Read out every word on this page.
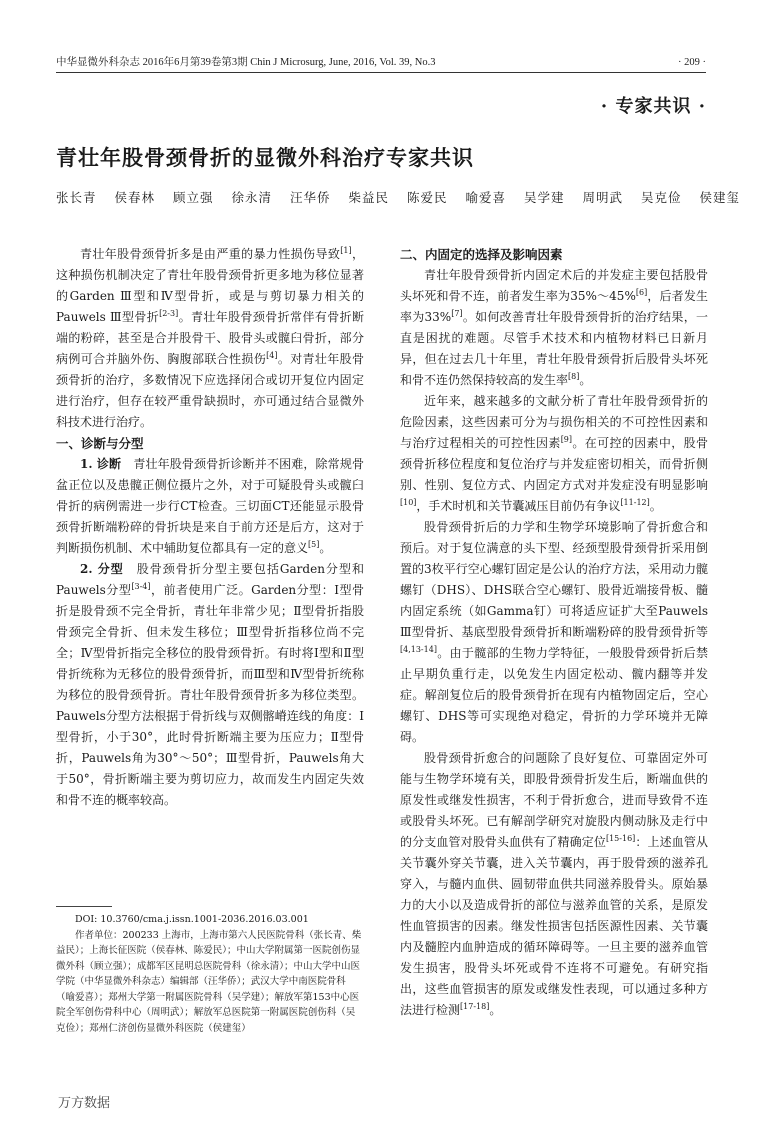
中华显微外科杂志 2016年6月第39卷第3期 Chin J Microsurg, June, 2016, Vol. 39, No.3	· 209 ·
· 专家共识 ·
青壮年股骨颈骨折的显微外科治疗专家共识
张长青 侯春林 顾立强 徐永清 汪华侨 柴益民 陈爱民 喻爱喜 吴学建 周明武 吴克俭 侯建玺

青壮年股骨颈骨折多是由严重的暴力性损伤导致[1]，这种损伤机制决定了青壮年股骨颈骨折更多地为移位显著的Garden Ⅲ型和Ⅳ型骨折，或是与剪切暴力相关的Pauwels Ⅲ型骨折[2-3]。青壮年股骨颈骨折常伴有骨折断端的粉碎，甚至是合并股骨干、股骨头或髋臼骨折，部分病例可合并脑外伤、胸腹部联合性损伤[4]。对青壮年股骨颈骨折的治疗，多数情况下应选择闭合或切开复位内固定进行治疗，但存在较严重骨缺损时，亦可通过结合显微外科技术进行治疗。

一、诊断与分型

1. 诊断　 青壮年股骨颈骨折诊断并不困难，除常规骨盆正位以及患髋正侧位摄片之外，对于可疑股骨头或髋臼骨折的病例需进一步行CT检查。三切面CT还能显示股骨颈骨折断端粉碎的骨折块是来自于前方还是后方，这对于判断损伤机制、术中辅助复位都具有一定的意义[5]。

2. 分型　 股骨颈骨折分型主要包括Garden分型和Pauwels分型[3-4]，前者使用广泛。Garden分型：Ⅰ型骨折是股骨颈不完全骨折，青壮年非常少见；Ⅱ型骨折指股骨颈完全骨折、但未发生移位；Ⅲ型骨折指移位尚不完全；Ⅳ型骨折指完全移位的股骨颈骨折。有时将Ⅰ型和Ⅱ型骨折统称为无移位的股骨颈骨折，而Ⅲ型和Ⅳ型骨折统称为移位的股骨颈骨折。青壮年股骨颈骨折多为移位类型。Pauwels分型方法根据于骨折线与双侧髂嵴连线的角度：Ⅰ型骨折，小于30°，此时骨折断端主要为压应力；Ⅱ型骨折，Pauwels角为30°～50°；Ⅲ型骨折，Pauwels角大于50°，骨折断端主要为剪切应力，故而发生内固定失效和骨不连的概率较高。

DOI: 10.3760/cma.j.issn.1001-2036.2016.03.001

作者单位：200233 上海市，上海市第六人民医院骨科（张长青、柴益民）；上海长征医院（侯春林、陈爱民）；中山大学附属第一医院创伤显微外科（顾立强）；成都军区昆明总医院骨科（徐永清）；中山大学中山医学院（中华显微外科杂志）编辑部（汪华侨）；武汉大学中南医院骨科（喻爱喜）；郑州大学第一附属医院骨科（吴学建）；解放军第153中心医院全军创伤骨科中心（周明武）；解放军总医院第一附属医院创伤科（吴克俭）；郑州仁济创伤显微外科医院（侯建玺）

二、内固定的选择及影响因素

青壮年股骨颈骨折内固定术后的并发症主要包括股骨头坏死和骨不连，前者发生率为35%～45%[6]，后者发生率为33%[7]。如何改善青壮年股骨颈骨折的治疗结果，一直是困扰的难题。尽管手术技术和内植物材料已日新月异，但在过去几十年里，青壮年股骨颈骨折后股骨头坏死和骨不连仍然保持较高的发生率[8]。

近年来，越来越多的文献分析了青壮年股骨颈骨折的危险因素，这些因素可分为与损伤相关的不可控性因素和与治疗过程相关的可控性因素[9]。在可控的因素中，股骨颈骨折移位程度和复位治疗与并发症密切相关，而骨折侧别、性别、复位方式、内固定方式对并发症没有明显影响[10]，手术时机和关节囊减压目前仍有争议[11-12]。

股骨颈骨折后的力学和生物学环境影响了骨折愈合和预后。对于复位满意的头下型、经颈型股骨颈骨折采用倒置的3枚平行空心螺钉固定是公认的治疗方法，采用动力髋螺钉（DHS）、DHS联合空心螺钉、股骨近端接骨板、髓内固定系统（如Gamma钉）可将适应证扩大至Pauwels Ⅲ型骨折、基底型股骨颈骨折和断端粉碎的股骨颈骨折等[4,13-14]。由于髋部的生物力学特征，一般股骨颈骨折后禁止早期负重行走，以免发生内固定松动、髋内翻等并发症。解剖复位后的股骨颈骨折在现有内植物固定后，空心螺钉、DHS等可实现绝对稳定，骨折的力学环境并无障碍。

股骨颈骨折愈合的问题除了良好复位、可靠固定外可能与生物学环境有关，即股骨颈骨折发生后，断端血供的原发性或继发性损害，不利于骨折愈合，进而导致骨不连或股骨头坏死。已有解剖学研究对旋股内侧动脉及走行中的分支血管对股骨头血供有了精确定位[15-16]：上述血管从关节囊外穿关节囊，进入关节囊内，再于股骨颈的滋养孔穿入，与髓内血供、圆韧带血供共同滋养股骨头。原始暴力的大小以及造成骨折的部位与滋养血管的关系，是原发性血管损害的因素。继发性损害包括医源性因素、关节囊内及髓腔内血肿造成的循环障碍等。一旦主要的滋养血管发生损害，股骨头坏死或骨不连将不可避免。有研究指出，这些血管损害的原发或继发性表现，可以通过多种方法进行检测[17-18]。

万方数据
